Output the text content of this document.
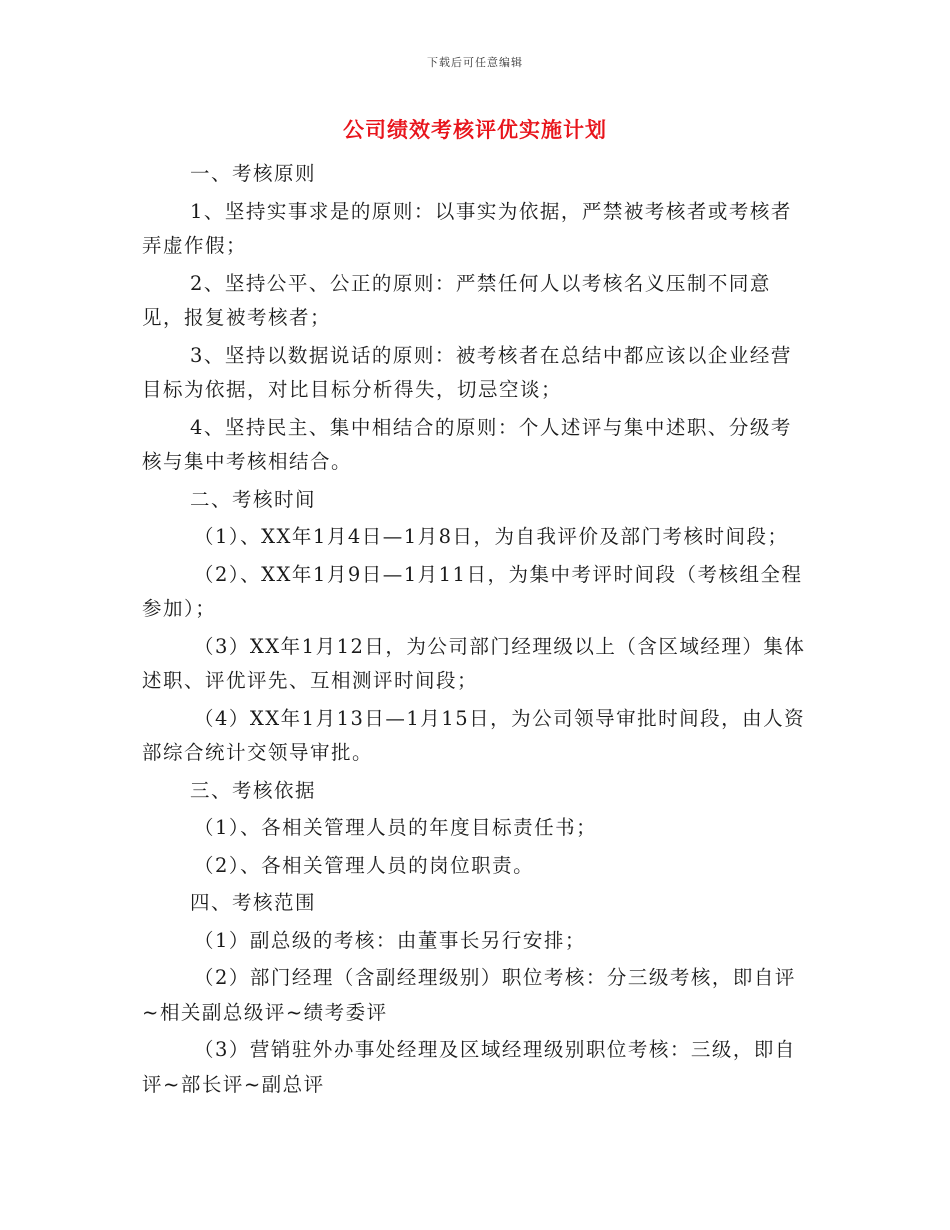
下载后可任意编辑
公司绩效考核评优实施计划

一、考核原则

1、坚持实事求是的原则：以事实为依据，严禁被考核者或考核者弄虚作假；

2、坚持公平、公正的原则：严禁任何人以考核名义压制不同意见，报复被考核者；

3、坚持以数据说话的原则：被考核者在总结中都应该以企业经营目标为依据，对比目标分析得失，切忌空谈；

4、坚持民主、集中相结合的原则：个人述评与集中述职、分级考核与集中考核相结合。

二、考核时间

（1）、XX年1月4日—1月8日，为自我评价及部门考核时间段；

（2）、XX年1月9日—1月11日，为集中考评时间段（考核组全程参加）；

（3）XX年1月12日，为公司部门经理级以上（含区域经理）集体述职、评优评先、互相测评时间段；

（4）XX年1月13日—1月15日，为公司领导审批时间段，由人资部综合统计交领导审批。

三、考核依据

（1）、各相关管理人员的年度目标责任书；

（2）、各相关管理人员的岗位职责。

四、考核范围

（1）副总级的考核：由董事长另行安排；

（2）部门经理（含副经理级别）职位考核：分三级考核，即自评~相关副总级评~绩考委评

（3）营销驻外办事处经理及区域经理级别职位考核：三级，即自评~部长评~副总评
